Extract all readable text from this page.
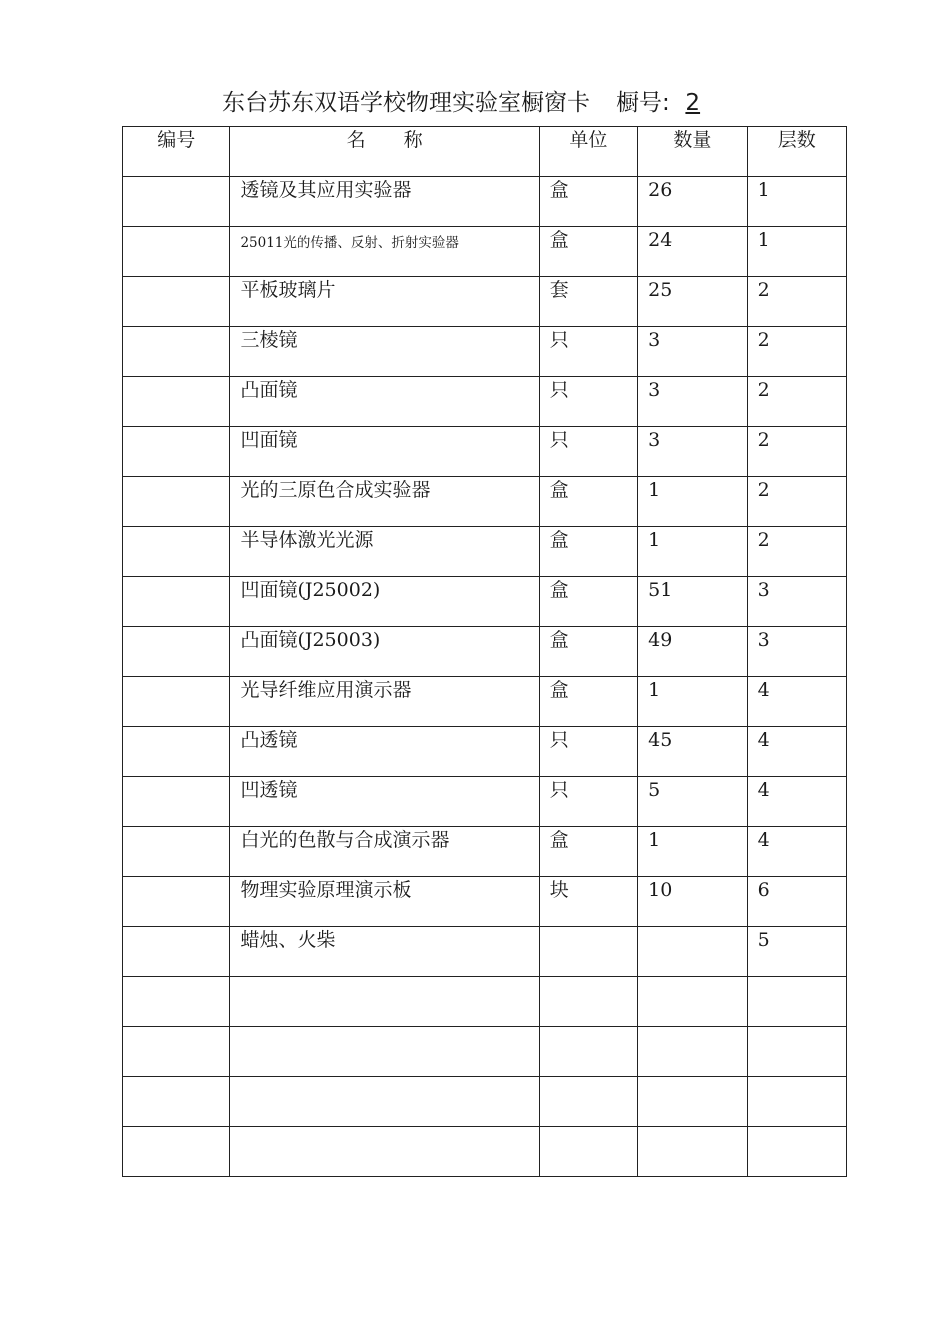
东台苏东双语学校物理实验室橱窗卡 橱号: 2
编号	名　　称	单位	数量	层数

	透镜及其应用实验器	盒	26	1

	25011光的传播、反射、折射实验器	盒	24	1

	平板玻璃片	套	25	2

	三棱镜	只	3	2

	凸面镜	只	3	2

	凹面镜	只	3	2

	光的三原色合成实验器	盒	1	2

	半导体激光光源	盒	1	2

	凹面镜(J25002)	盒	51	3

	凸面镜(J25003)	盒	49	3

	光导纤维应用演示器	盒	1	4

	凸透镜	只	45	4

	凹透镜	只	5	4

	白光的色散与合成演示器	盒	1	4

	物理实验原理演示板	块	10	6

	蜡烛、火柴			5
